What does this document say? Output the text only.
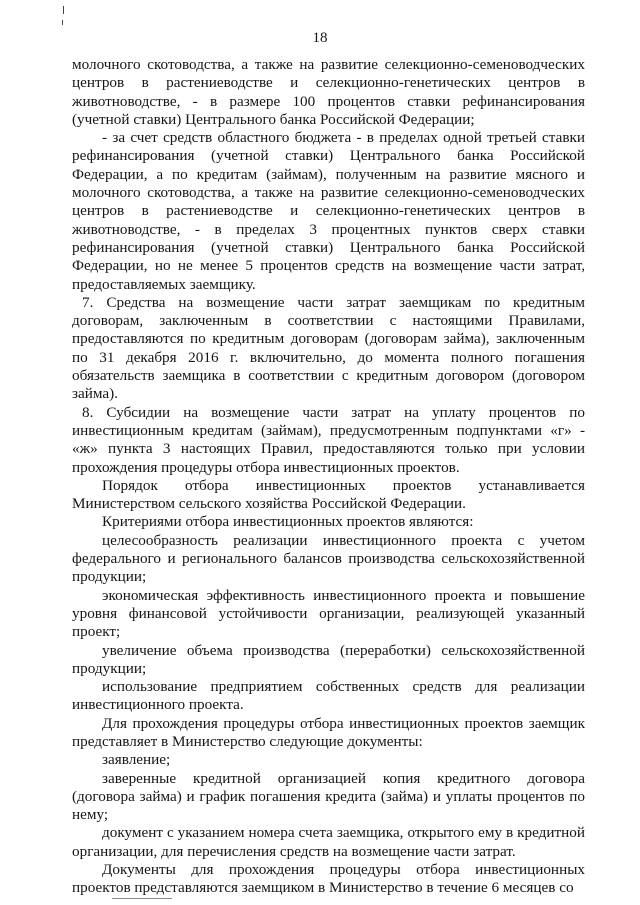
18

молочного скотоводства, а также на развитие селекционно-семеноводческих центров в растениеводстве и селекционно-генетических центров в животноводстве, - в размере 100 процентов ставки рефинансирования (учетной ставки) Центрального банка Российской Федерации;

- за счет средств областного бюджета - в пределах одной третьей ставки рефинансирования (учетной ставки) Центрального банка Российской Федерации, а по кредитам (займам), полученным на развитие мясного и молочного скотоводства, а также на развитие селекционно-семеноводческих центров в растениеводстве и селекционно-генетических центров в животноводстве, - в пределах 3 процентных пунктов сверх ставки рефинансирования (учетной ставки) Центрального банка Российской Федерации, но не менее 5 процентов средств на возмещение части затрат, предоставляемых заемщику.

7. Средства на возмещение части затрат заемщикам по кредитным договорам, заключенным в соответствии с настоящими Правилами, предоставляются по кредитным договорам (договорам займа), заключенным по 31 декабря 2016 г. включительно, до момента полного погашения обязательств заемщика в соответствии с кредитным договором (договором займа).

8. Субсидии на возмещение части затрат на уплату процентов по инвестиционным кредитам (займам), предусмотренным подпунктами «г» - «ж» пункта 3 настоящих Правил, предоставляются только при условии прохождения процедуры отбора инвестиционных проектов.

Порядок отбора инвестиционных проектов устанавливается Министерством сельского хозяйства Российской Федерации.

Критериями отбора инвестиционных проектов являются:

целесообразность реализации инвестиционного проекта с учетом федерального и регионального балансов производства сельскохозяйственной продукции;

экономическая эффективность инвестиционного проекта и повышение уровня финансовой устойчивости организации, реализующей указанный проект;

увеличение объема производства (переработки) сельскохозяйственной продукции;

использование предприятием собственных средств для реализации инвестиционного проекта.

Для прохождения процедуры отбора инвестиционных проектов заемщик представляет в Министерство следующие документы:

заявление;

заверенные кредитной организацией копия кредитного договора (договора займа) и график погашения кредита (займа) и уплаты процентов по нему;

документ с указанием номера счета заемщика, открытого ему в кредитной организации, для перечисления средств на возмещение части затрат.

Документы для прохождения процедуры отбора инвестиционных проектов представляются заемщиком в Министерство в течение 6 месяцев со
